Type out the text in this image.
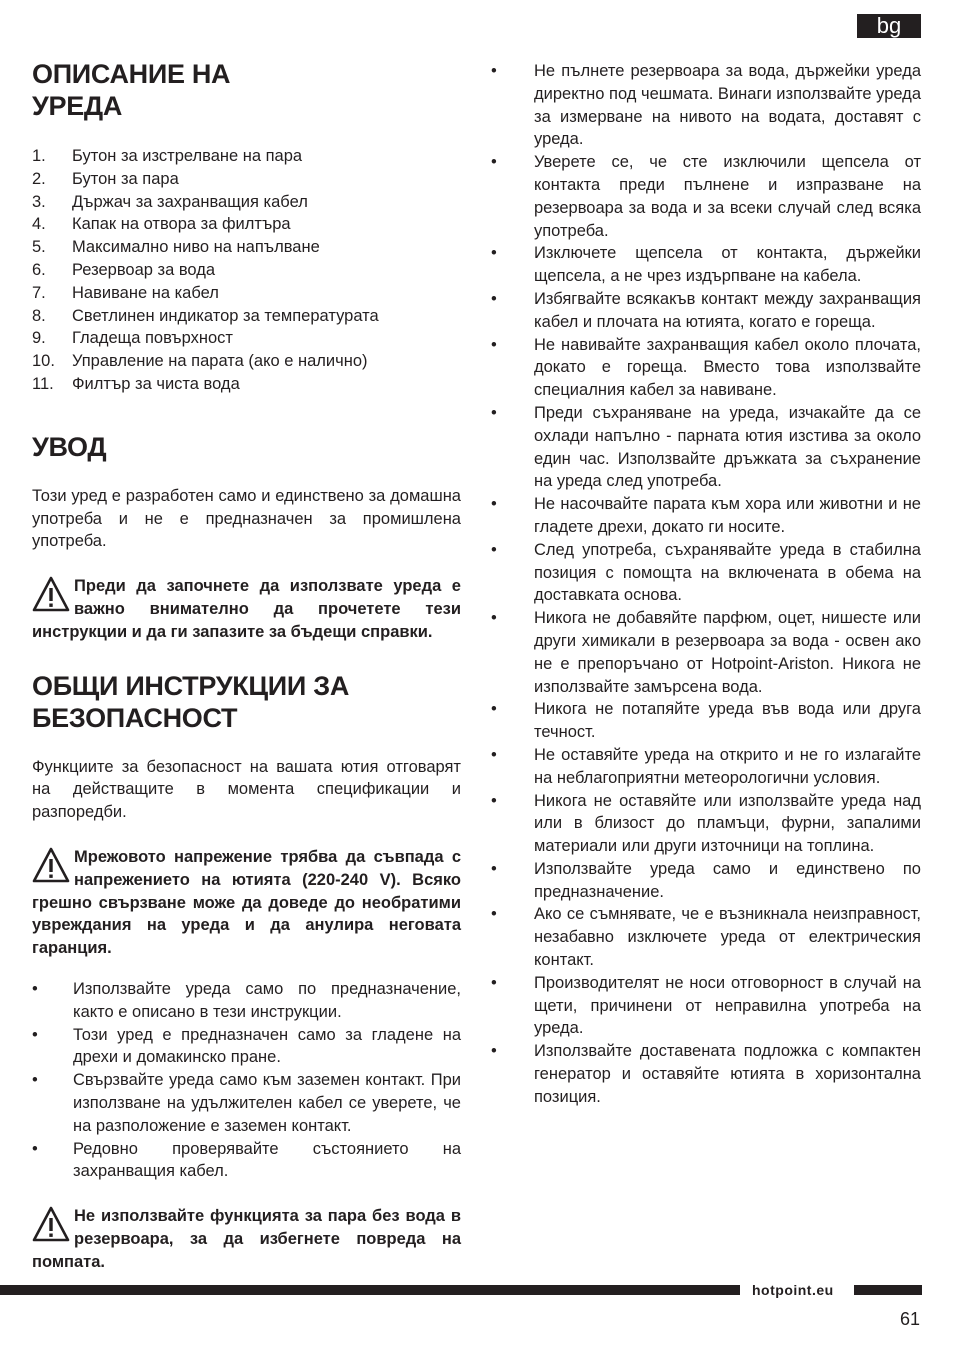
bg
ОПИСАНИЕ НА УРЕДА
1.	Бутон за изстрелване на пара
2.	Бутон за пара
3.	Държач за захранващия кабел
4.	Капак на отвора за филтъра
5.	Максимално ниво на напълване
6.	Резервоар за вода
7.	Навиване на кабел
8.	Светлинен индикатор за температурата
9.	Гладеща повърхност
10.	Управление на парата (ако е налично)
11.	Филтър за чиста вода
УВОД

Този уред е разработен само и единствено за домашна употреба и не е предназначен за промишлена употреба.

Преди да започнете да използвате уреда е важно внимателно да прочетете тези инструкции и да ги запазите за бъдещи справки.
ОБЩИ ИНСТРУКЦИИ ЗА БЕЗОПАСНОСТ

Функциите за безопасност на вашата ютия отговарят на действащите в момента спецификации и разпоредби.

Мрежовото напрежение трябва да съвпада с напрежението на ютията (220-240 V). Всяко грешно свързване може да доведе до необратими увреждания на уреда и да анулира неговата гаранция.
•	Използвайте уреда само по предназначение, както е описано в тези инструкции.
•	Този уред е предназначен само за гладене на дрехи и домакинско пране.
•	Свързвайте уреда само към заземен контакт. При използване на удължителен кабел се уверете, че на разположение е заземен контакт.
•	Редовно проверявайте състоянието на захранващия кабел.
Не използвайте функцията за пара без вода в резервоара, за да избегнете повреда на помпата.
•	Не пълнете резервоара за вода, държейки уреда директно под чешмата. Винаги използвайте уреда за измерване на нивото на водата, доставят с уреда.
•	Уверете се, че сте изключили щепсела от контакта преди пълнене и изпразване на резервоара за вода и за всеки случай след всяка употреба.
•	Изключете щепсела от контакта, държейки щепсела, а не чрез издърпване на кабела.
•	Избягвайте всякакъв контакт между захранващия кабел и плочата на ютията, когато е гореща.
•	Не навивайте захранващия кабел около плочата, докато е гореща. Вместо това използвайте специалния кабел за навиване.
•	Преди съхраняване на уреда, изчакайте да се охлади напълно - парната ютия изстива за около един час. Използвайте дръжката за съхранение на уреда след употреба.
•	Не насочвайте парата към хора или животни и не гладете дрехи, докато ги носите.
•	След употреба, съхранявайте уреда в стабилна позиция с помощта на включената в обема на доставката основа.
•	Никога не добавяйте парфюм, оцет, нишесте или други химикали в резервоара за вода - освен ако не е препоръчано от Hotpoint-Ariston. Никога не използвайте замърсена вода.
•	Никога не потапяйте уреда във вода или друга течност.
•	Не оставяйте уреда на открито и не го излагайте на неблагоприятни метеорологични условия.
•	Никога не оставяйте или използвайте уреда над или в близост до пламъци, фурни, запалими материали или други източници на топлина.
•	Използвайте уреда само и единствено по предназначение.
•	Ако се съмнявате, че е възникнала неизправност, незабавно изключете уреда от електрическия контакт.
•	Производителят не носи отговорност в случай на щети, причинени от неправилна употреба на уреда.
•	Използвайте доставената подложка с компактен генератор и оставяйте ютията в хоризонтална позиция.
hotpoint.eu
61
